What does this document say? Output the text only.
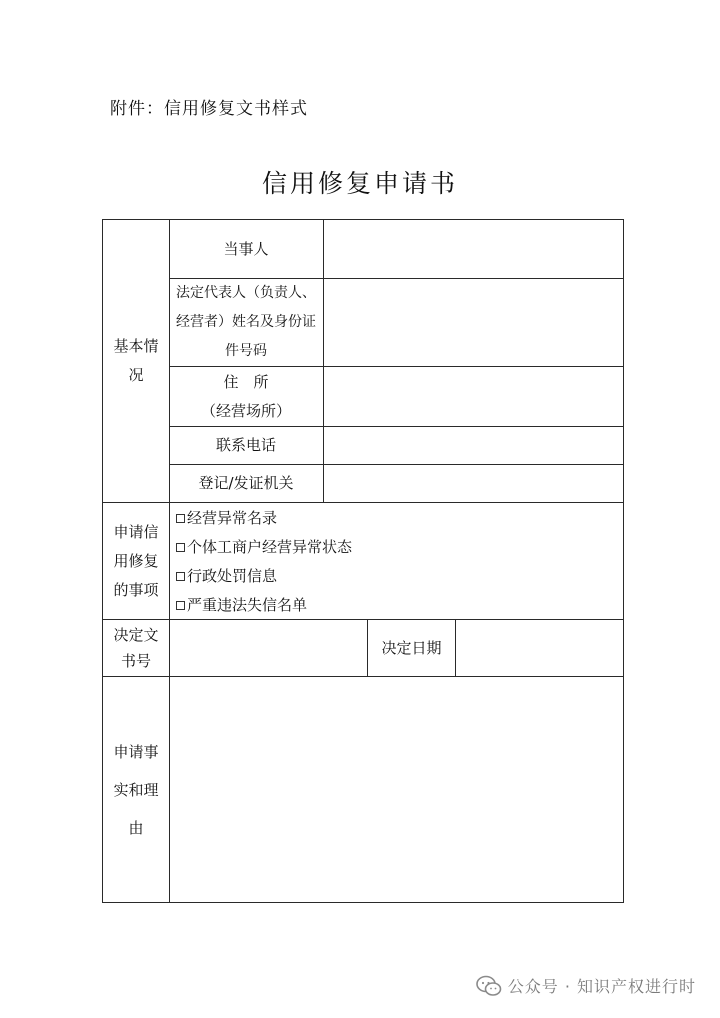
附件：信用修复文书样式
信用修复申请书
基本情
况
当事人
法定代表人（负责人、
经营者）姓名及身份证
件号码
住　所
（经营场所）
联系电话
登记/发证机关
申请信
用修复
的事项
决定文
书号
决定日期
申请事
实和理
由
经营异常名录
个体工商户经营异常状态
行政处罚信息
严重违法失信名单
公众号 · 知识产权进行时
